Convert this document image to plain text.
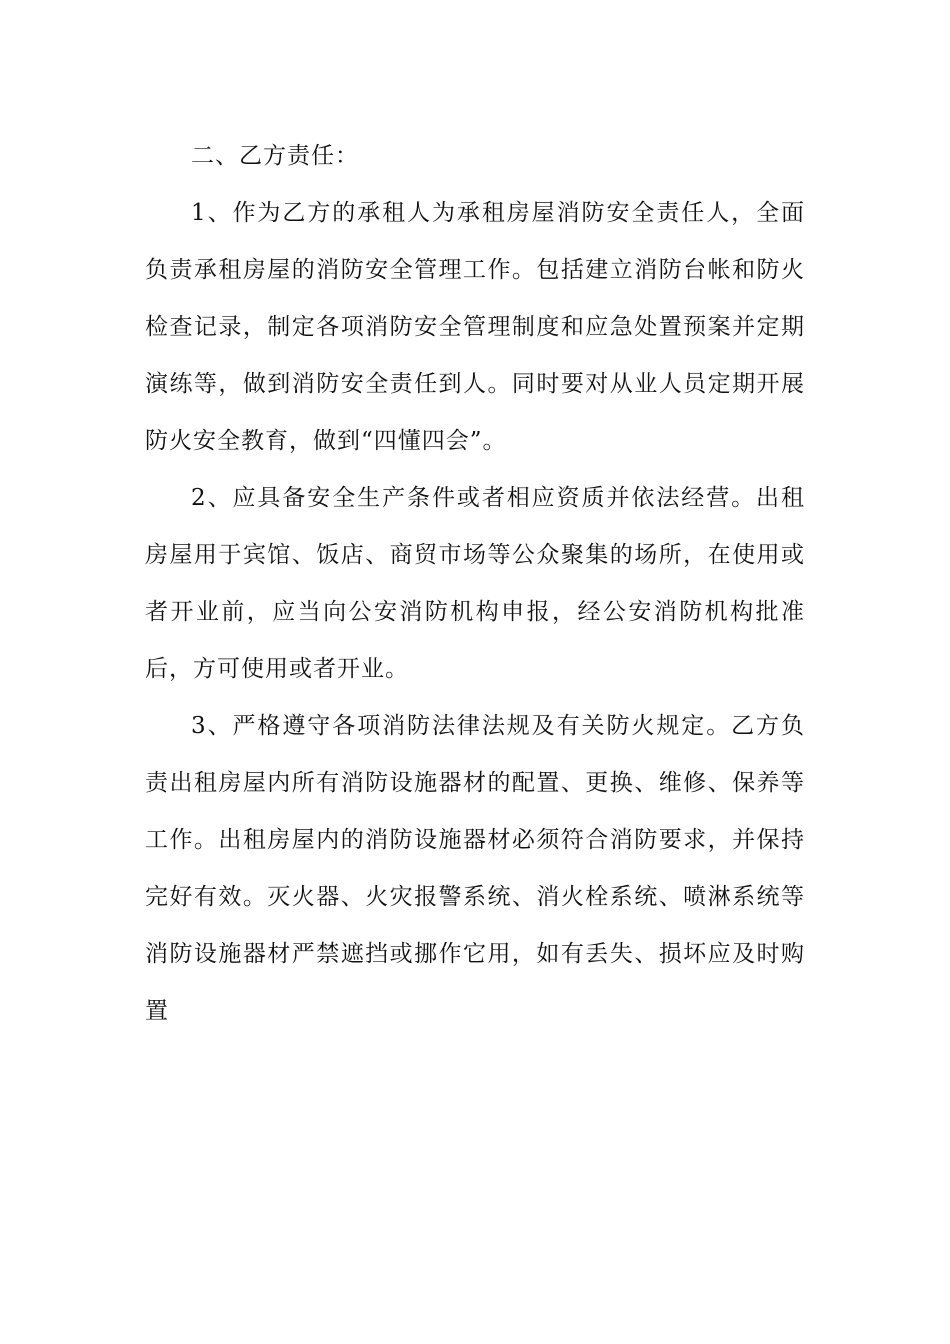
二、乙方责任：

1、作为乙方的承租人为承租房屋消防安全责任人，全面负责承租房屋的消防安全管理工作。包括建立消防台帐和防火检查记录，制定各项消防安全管理制度和应急处置预案并定期演练等，做到消防安全责任到人。同时要对从业人员定期开展防火安全教育，做到“四懂四会”。

2、应具备安全生产条件或者相应资质并依法经营。出租房屋用于宾馆、饭店、商贸市场等公众聚集的场所，在使用或者开业前，应当向公安消防机构申报，经公安消防机构批准后，方可使用或者开业。

3、严格遵守各项消防法律法规及有关防火规定。乙方负责出租房屋内所有消防设施器材的配置、更换、维修、保养等工作。出租房屋内的消防设施器材必须符合消防要求，并保持完好有效。灭火器、火灾报警系统、消火栓系统、喷淋系统等消防设施器材严禁遮挡或挪作它用，如有丢失、损坏应及时购置
